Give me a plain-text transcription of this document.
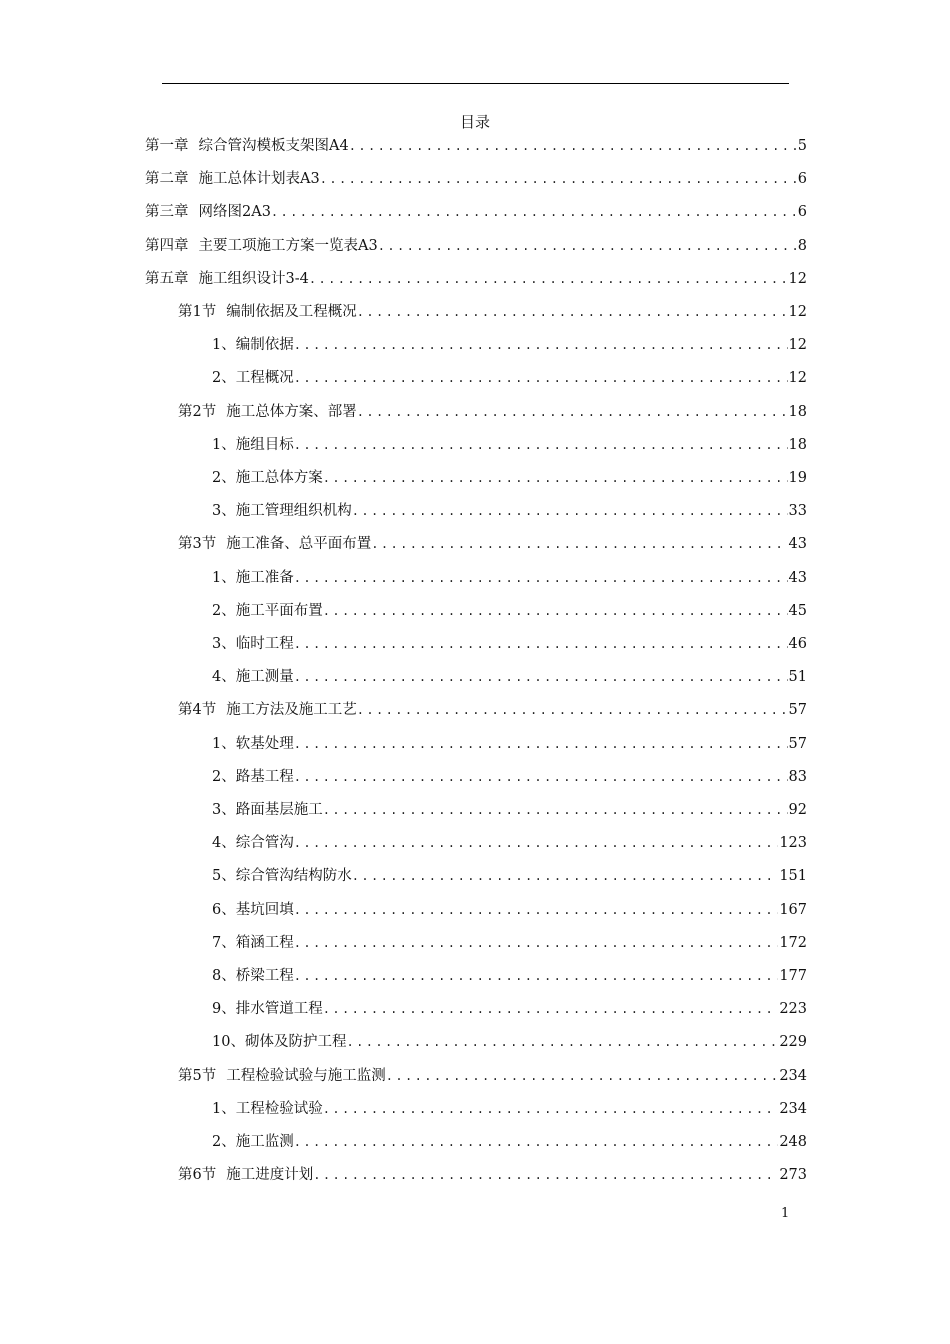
目录
第一章 综合管沟模板支架图A4 .....	5
第二章 施工总体计划表A3 .....	6
第三章 网络图2A3 .....	6
第四章 主要工项施工方案一览表A3 .....	8
第五章 施工组织设计3-4 .....	12
第1节 编制依据及工程概况 .....	12
1、 编制依据 .....	12
2、 工程概况 .....	12
第2节 施工总体方案、部署 .....	18
1、 施组目标 .....	18
2、 施工总体方案 .....	19
3、 施工管理组织机构 .....	33
第3节 施工准备、总平面布置 .....	43
1、 施工准备 .....	43
2、 施工平面布置 .....	45
3、 临时工程 .....	46
4、 施工测量 .....	51
第4节 施工方法及施工工艺 .....	57
1、 软基处理 .....	57
2、 路基工程 .....	83
3、 路面基层施工 .....	92
4、 综合管沟 .....	123
5、 综合管沟结构防水 .....	151
6、 基坑回填 .....	167
7、 箱涵工程 .....	172
8、 桥梁工程 .....	177
9、 排水管道工程 .....	223
10、 砌体及防护工程 .....	229
第5节 工程检验试验与施工监测 .....	234
1、 工程检验试验 .....	234
2、 施工监测 .....	248
第6节 施工进度计划 .....	273
1
